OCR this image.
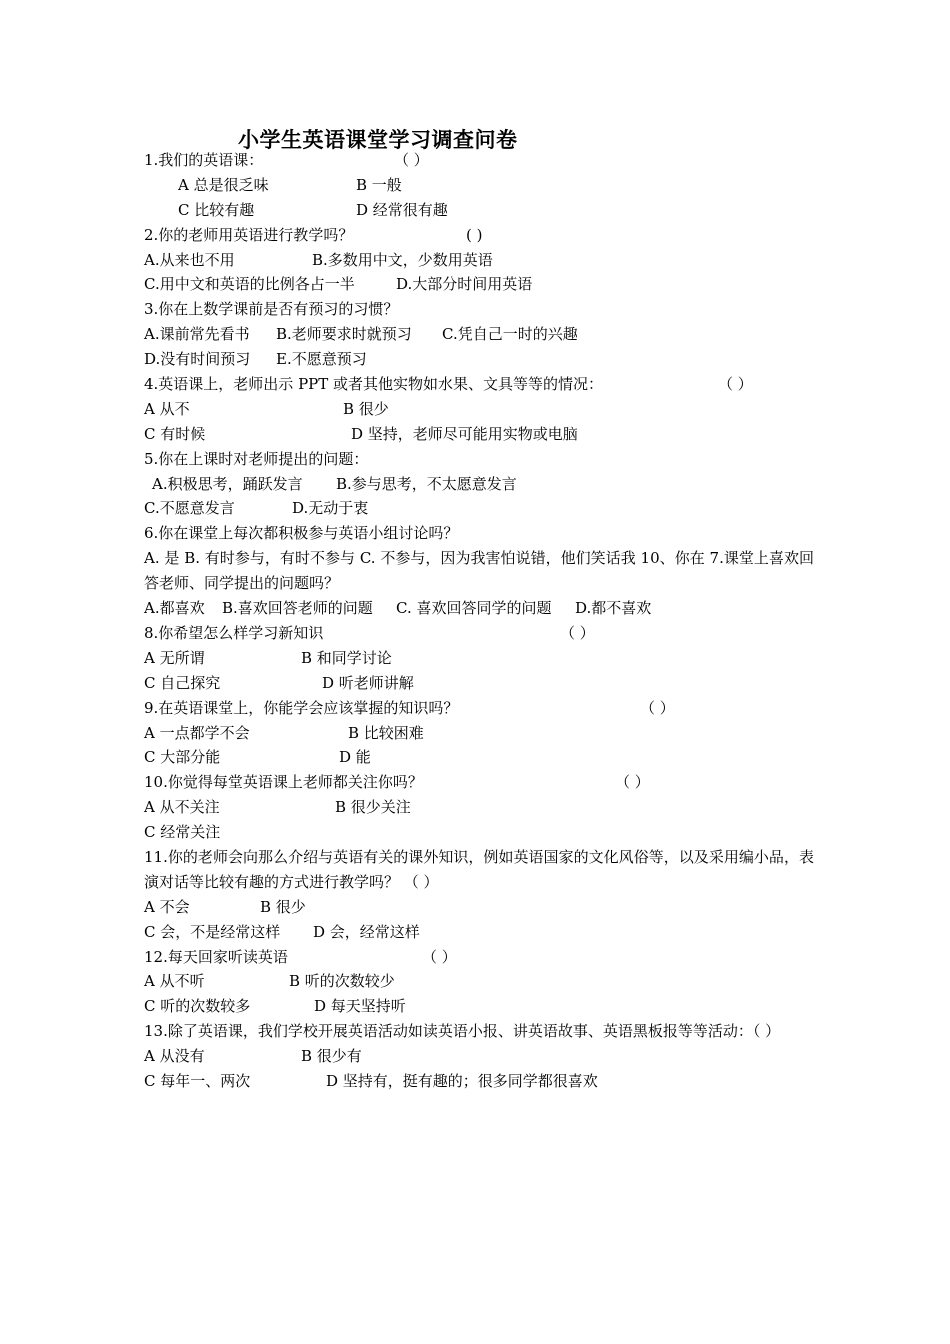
小学生英语课堂学习调查问卷
1.我们的英语课：	（ ）
A 总是很乏味	B 一般
C 比较有趣	D 经常很有趣
2.你的老师用英语进行教学吗？	( )
A.从来也不用	B.多数用中文，少数用英语
C.用中文和英语的比例各占一半	D.大部分时间用英语
3.你在上数学课前是否有预习的习惯？
A.课前常先看书 B.老师要求时就预习 C.凭自己一时的兴趣
D.没有时间预习 E.不愿意预习
4.英语课上，老师出示 PPT 或者其他实物如水果、文具等等的情况：	（ ）
A 从不	B 很少
C 有时候	D 坚持，老师尽可能用实物或电脑
5.你在上课时对老师提出的问题：
A.积极思考，踊跃发言 B.参与思考，不太愿意发言
C.不愿意发言	D.无动于衷
6.你在课堂上每次都积极参与英语小组讨论吗？
A. 是 B. 有时参与，有时不参与 C. 不参与，因为我害怕说错，他们笑话我 10、你在 7.课堂上喜欢回答老师、同学提出的问题吗？
A.都喜欢 B.喜欢回答老师的问题 C. 喜欢回答同学的问题 D.都不喜欢
8.你希望怎么样学习新知识	（ ）
A 无所谓	B 和同学讨论
C 自己探究	D 听老师讲解
9.在英语课堂上，你能学会应该掌握的知识吗？	（ ）
A 一点都学不会	B 比较困难
C 大部分能	D 能
10.你觉得每堂英语课上老师都关注你吗？	（ ）
A 从不关注	B 很少关注
C 经常关注
11.你的老师会向那么介绍与英语有关的课外知识，例如英语国家的文化风俗等，以及采用编小品，表演对话等比较有趣的方式进行教学吗？ （ ）
A 不会	B 很少
C 会，不是经常这样 D 会，经常这样
12.每天回家听读英语	（ ）
A 从不听	B 听的次数较少
C 听的次数较多	D 每天坚持听
13.除了英语课，我们学校开展英语活动如读英语小报、讲英语故事、英语黑板报等等活动：（ ）
A 从没有	B 很少有
C 每年一、两次	D 坚持有，挺有趣的；很多同学都很喜欢
